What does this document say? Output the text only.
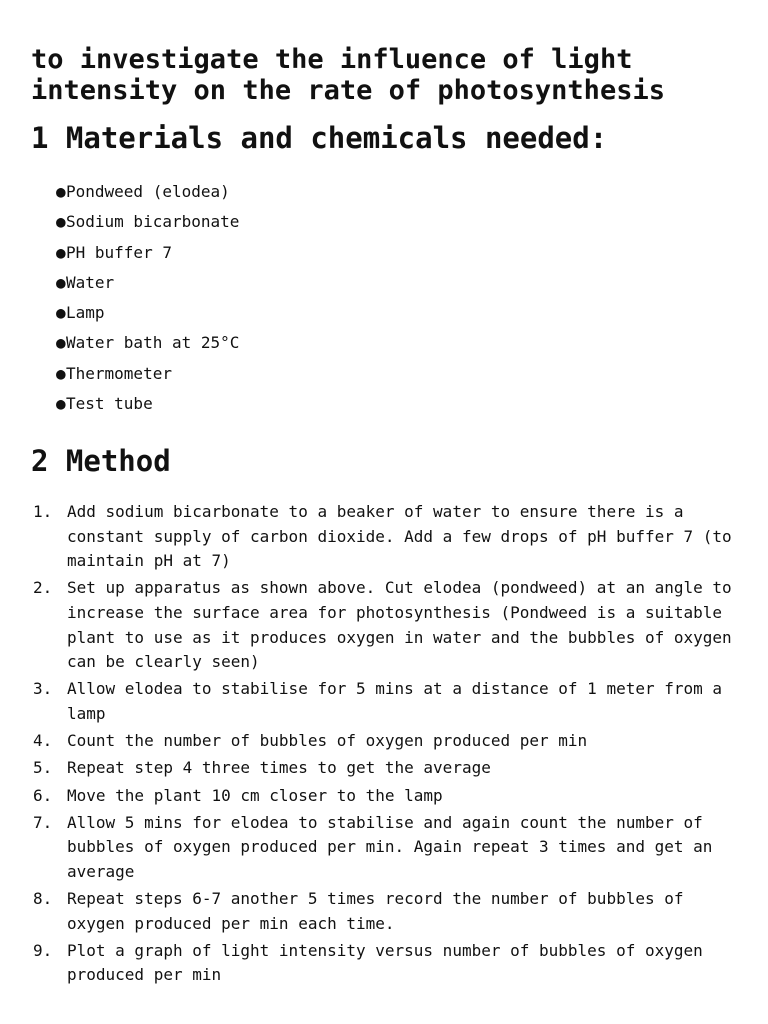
to investigate the influence of light intensity on the rate of photosynthesis
1 Materials and chemicals needed:
●Pondweed (elodea)
●Sodium bicarbonate
●PH buffer 7
●Water
●Lamp
●Water bath at 25°C
●Thermometer
●Test tube
2 Method
1. Add sodium bicarbonate to a beaker of water to ensure there is a constant supply of carbon dioxide. Add a few drops of pH buffer 7 (to maintain pH at 7)
2. Set up apparatus as shown above. Cut elodea (pondweed) at an angle to increase the surface area for photosynthesis (Pondweed is a suitable plant to use as it produces oxygen in water and the bubbles of oxygen can be clearly seen)
3. Allow elodea to stabilise for 5 mins at a distance of 1 meter from a lamp
4. Count the number of bubbles of oxygen produced per min
5. Repeat step 4 three times to get the average
6. Move the plant 10 cm closer to the lamp
7. Allow 5 mins for elodea to stabilise and again count the number of bubbles of oxygen produced per min. Again repeat 3 times and get an average
8. Repeat steps 6-7 another 5 times record the number of bubbles of oxygen produced per min each time.
9. Plot a graph of light intensity versus number of bubbles of oxygen produced per min
